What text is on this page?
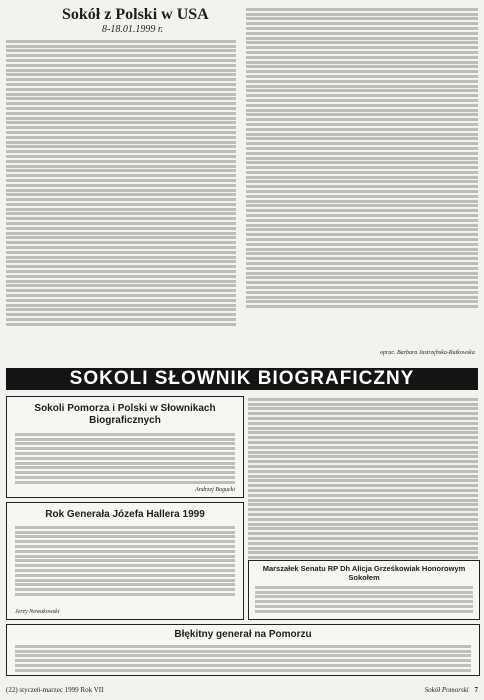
Sokół z Polski w USA
8-18.01.1999 r.
oprac. Barbara Jastrzębska-Rutkowska
SOKOLI SŁOWNIK BIOGRAFICZNY
Sokoli Pomorza i Polski w Słownikach Biograficznych
Andrzej Bogucki
Rok Generała Józefa Hallera 1999
Jerzy Nowakowski
Błękitny generał na Pomorzu
Marszałek Senatu RP Dh Alicja Grześkowiak Honorowym Sokołem
(22) styczeń-marzec 1999 Rok VII	Sokół Pomorski 7
